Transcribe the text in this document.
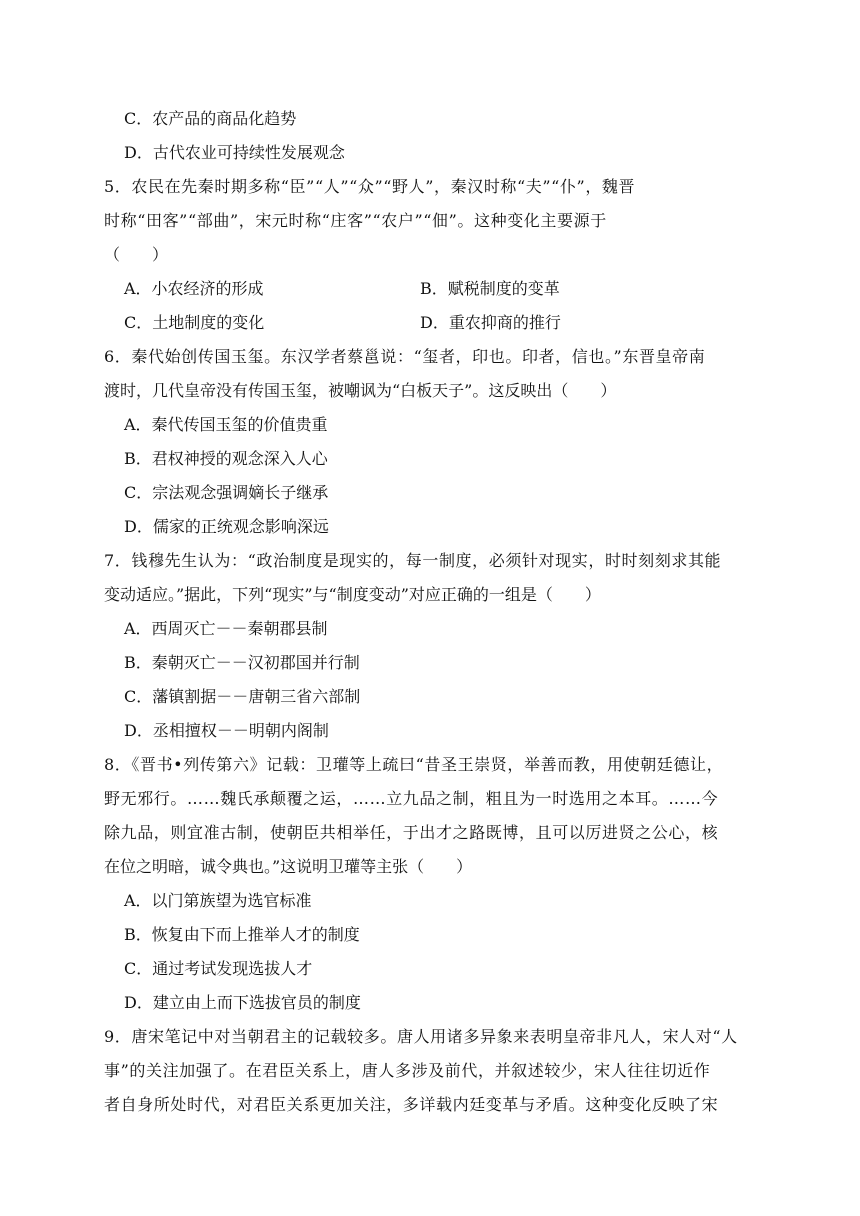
C．农产品的商品化趋势
D．古代农业可持续性发展观念
5．农民在先秦时期多称“臣”“人”“众”“野人”，秦汉时称“夫”“仆”，魏晋
时称“田客”“部曲”，宋元时称“庄客”“农户”“佃”。这种变化主要源于
（　　）
A．小农经济的形成	B．赋税制度的变革
C．土地制度的变化	D．重农抑商的推行
6．秦代始创传国玉玺。东汉学者蔡邕说：“玺者，印也。印者，信也。”东晋皇帝南
渡时，几代皇帝没有传国玉玺，被嘲讽为“白板天子”。这反映出（　　）
A．秦代传国玉玺的价值贵重
B．君权神授的观念深入人心
C．宗法观念强调嫡长子继承
D．儒家的正统观念影响深远
7．钱穆先生认为：“政治制度是现实的，每一制度，必须针对现实，时时刻刻求其能
变动适应。”据此，下列“现实”与“制度变动”对应正确的一组是（　　）
A．西周灭亡－－秦朝郡县制
B．秦朝灭亡－－汉初郡国并行制
C．藩镇割据－－唐朝三省六部制
D．丞相擅权－－明朝内阁制
8．《晋书•列传第六》记载：卫瓘等上疏曰“昔圣王崇贤，举善而教，用使朝廷德让，
野无邪行。……魏氏承颠覆之运，……立九品之制，粗且为一时选用之本耳。……今
除九品，则宜准古制，使朝臣共相举任，于出才之路既博，且可以厉进贤之公心，核
在位之明暗，诚令典也。”这说明卫瓘等主张（　　）
A．以门第族望为选官标准
B．恢复由下而上推举人才的制度
C．通过考试发现选拔人才
D．建立由上而下选拔官员的制度
9．唐宋笔记中对当朝君主的记载较多。唐人用诸多异象来表明皇帝非凡人，宋人对“人
事”的关注加强了。在君臣关系上，唐人多涉及前代，并叙述较少，宋人往往切近作
者自身所处时代，对君臣关系更加关注，多详载内廷变革与矛盾。这种变化反映了宋
